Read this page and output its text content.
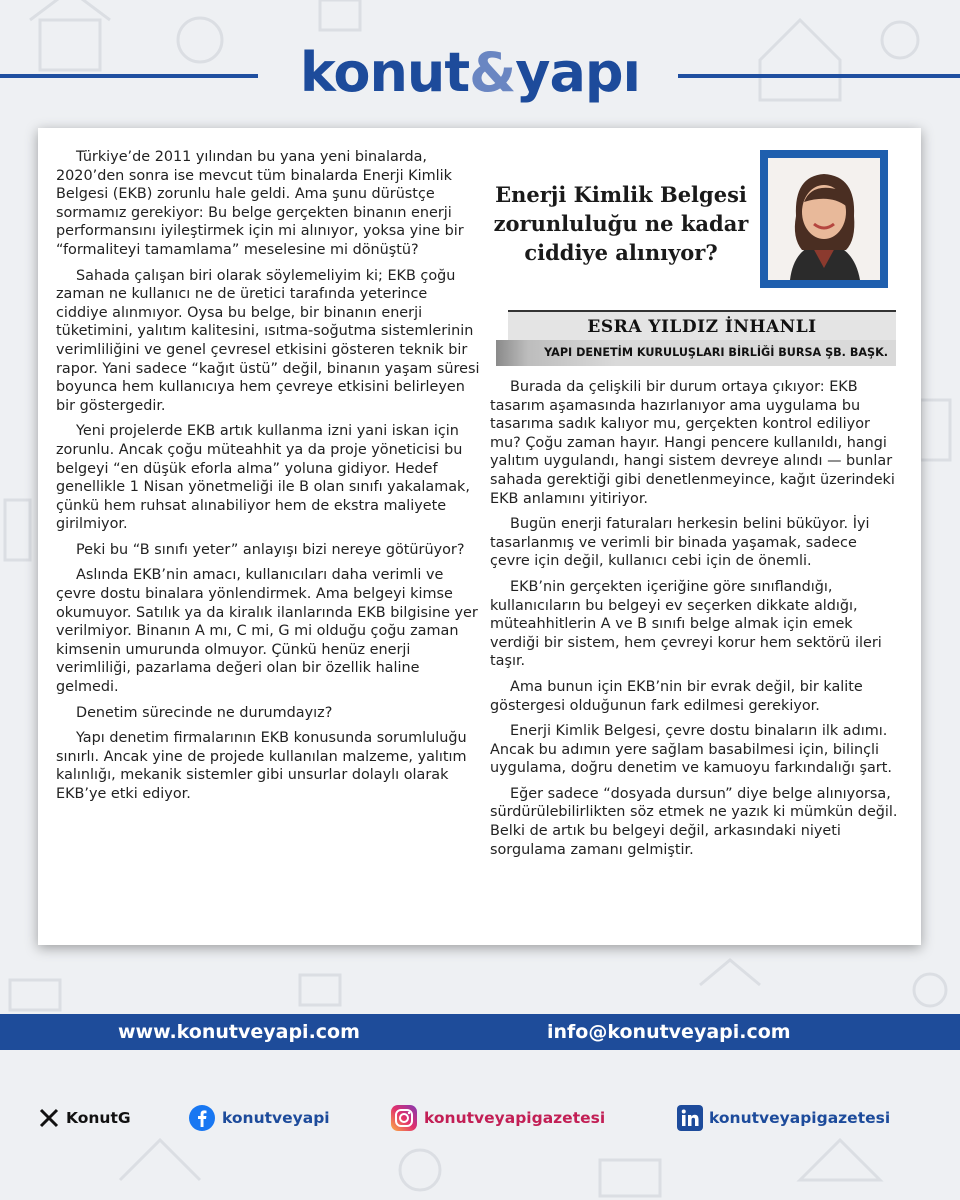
konut&yapı

Türkiye’de 2011 yılından bu yana yeni binalarda, 2020’den sonra ise mevcut tüm binalarda Enerji Kimlik Belgesi (EKB) zorunlu hale geldi. Ama şunu dürüstçe sormamız gerekiyor: Bu belge gerçekten binanın enerji performansını iyileştirmek için mi alınıyor, yoksa yine bir “formaliteyi tamamlama” meselesine mi dönüştü?

Sahada çalışan biri olarak söylemeliyim ki; EKB çoğu zaman ne kullanıcı ne de üretici tarafında yeterince ciddiye alınmıyor. Oysa bu belge, bir binanın enerji tüketimini, yalıtım kalitesini, ısıtma-soğutma sistemlerinin verimliliğini ve genel çevresel etkisini gösteren teknik bir rapor. Yani sadece “kağıt üstü” değil, binanın yaşam süresi boyunca hem kullanıcıya hem çevreye etkisini belirleyen bir göstergedir.

Yeni projelerde EKB artık kullanma izni yani iskan için zorunlu. Ancak çoğu müteahhit ya da proje yöneticisi bu belgeyi “en düşük eforla alma” yoluna gidiyor. Hedef genellikle 1 Nisan yönetmeliği ile B olan sınıfı yakalamak, çünkü hem ruhsat alınabiliyor hem de ekstra maliyete girilmiyor.

Peki bu “B sınıfı yeter” anlayışı bizi nereye götürüyor?

Aslında EKB’nin amacı, kullanıcıları daha verimli ve çevre dostu binalara yönlendirmek. Ama belgeyi kimse okumuyor. Satılık ya da kiralık ilanlarında EKB bilgisine yer verilmiyor. Binanın A mı, C mi, G mi olduğu çoğu zaman kimsenin umurunda olmuyor. Çünkü henüz enerji verimliliği, pazarlama değeri olan bir özellik haline gelmedi.

Denetim sürecinde ne durumdayız?

Yapı denetim firmalarının EKB konusunda sorumluluğu sınırlı. Ancak yine de projede kullanılan malzeme, yalıtım kalınlığı, mekanik sistemler gibi unsurlar dolaylı olarak EKB’ye etki ediyor.

Enerji Kimlik Belgesi zorunluluğu ne kadar ciddiye alınıyor?
ESRA YILDIZ İNHANLI
YAPI DENETİM KURULUŞLARI BİRLİĞİ BURSA ŞB. BAŞK.

Burada da çelişkili bir durum ortaya çıkıyor: EKB tasarım aşamasında hazırlanıyor ama uygulama bu tasarıma sadık kalıyor mu, gerçekten kontrol ediliyor mu? Çoğu zaman hayır. Hangi pencere kullanıldı, hangi yalıtım uygulandı, hangi sistem devreye alındı — bunlar sahada gerektiği gibi denetlenmeyince, kağıt üzerindeki EKB anlamını yitiriyor.

Bugün enerji faturaları herkesin belini büküyor. İyi tasarlanmış ve verimli bir binada yaşamak, sadece çevre için değil, kullanıcı cebi için de önemli.

EKB’nin gerçekten içeriğine göre sınıflandığı, kullanıcıların bu belgeyi ev seçerken dikkate aldığı, müteahhitlerin A ve B sınıfı belge almak için emek verdiği bir sistem, hem çevreyi korur hem sektörü ileri taşır.

Ama bunun için EKB’nin bir evrak değil, bir kalite göstergesi olduğunun fark edilmesi gerekiyor.

Enerji Kimlik Belgesi, çevre dostu binaların ilk adımı. Ancak bu adımın yere sağlam basabilmesi için, bilinçli uygulama, doğru denetim ve kamuoyu farkındalığı şart.

Eğer sadece “dosyada dursun” diye belge alınıyorsa, sürdürülebilirlikten söz etmek ne yazık ki mümkün değil. Belki de artık bu belgeyi değil, arkasındaki niyeti sorgulama zamanı gelmiştir.

www.konutveyapi.com	info@konutveyapi.com
KonutG	konutveyapi	konutveyapigazetesi	konutveyapigazetesi
